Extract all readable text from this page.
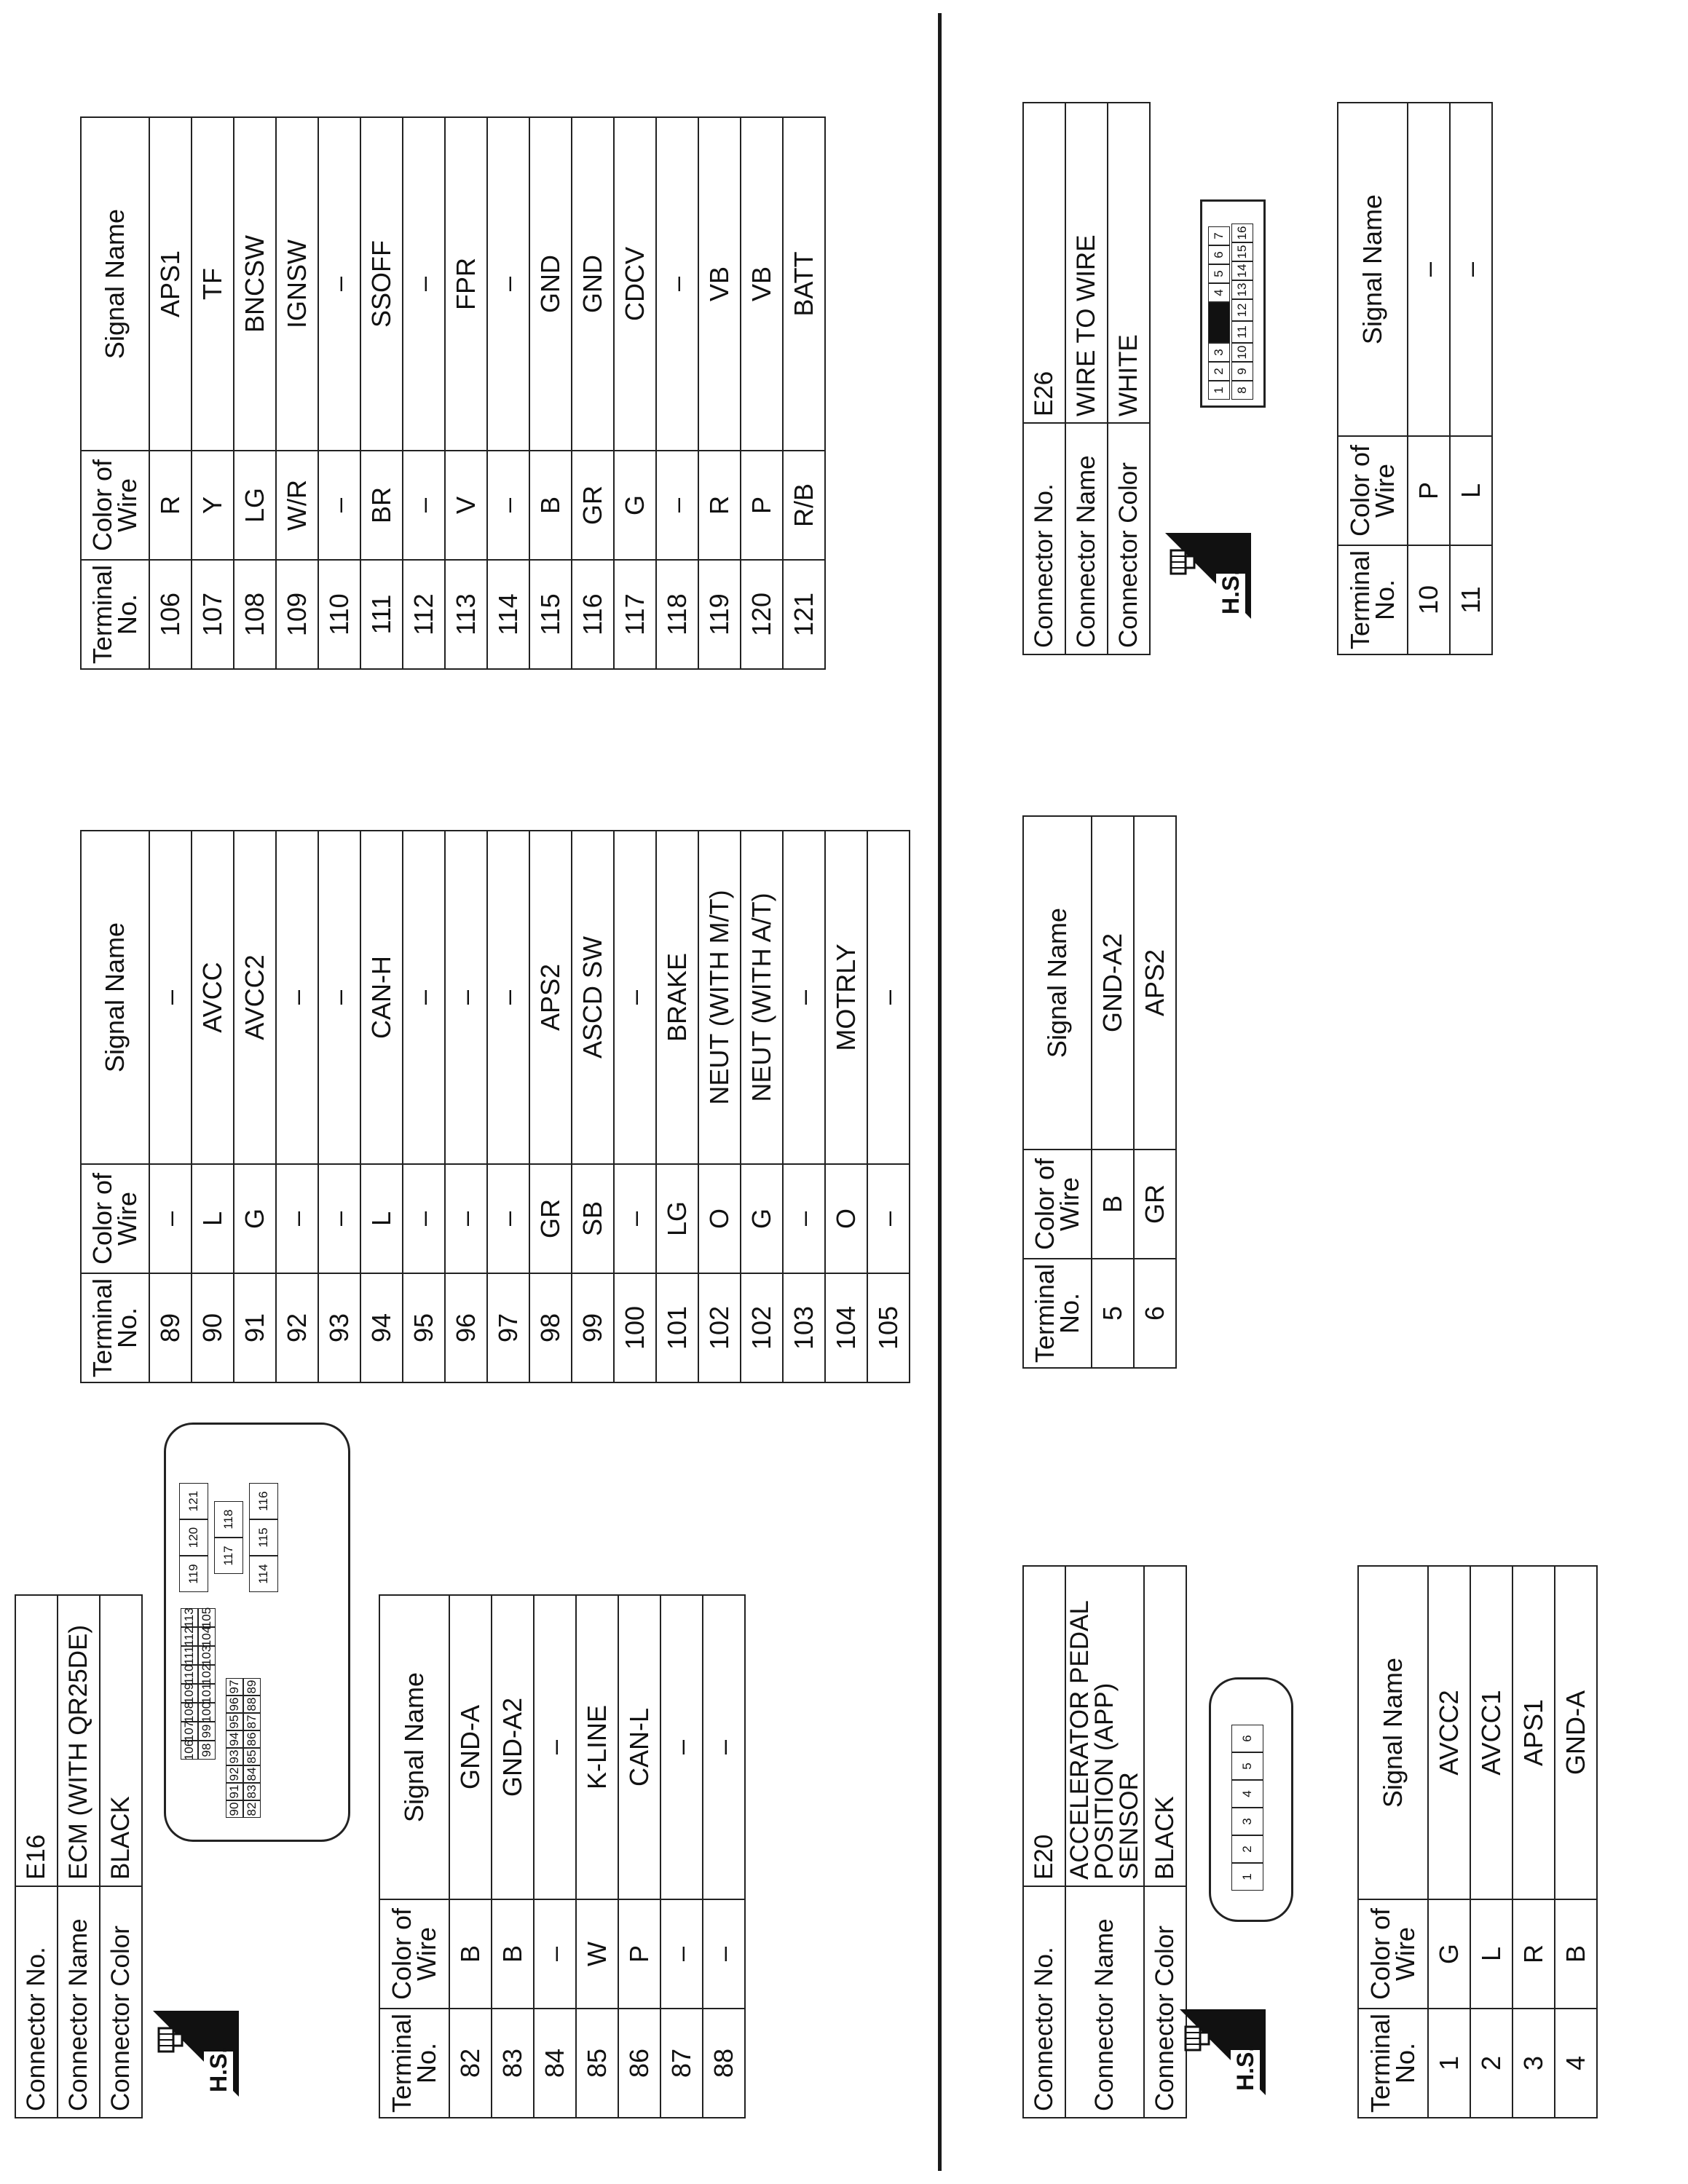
Connector No.	E16
Connector Name	ECM (WITH QR25DE)
Connector Color	BLACK
H.S.
106
107
108
109
110
111
112
113
98
99
100
101
102
103
104
105
90
91
92
93
94
95
96
97
82
83
84
85
86
87
88
89
119
120
121
117
118
114
115
116
Terminal No.	Color of Wire	Signal Name
82	B	GND-A
83	B	GND-A2
84	–	–
85	W	K-LINE
86	P	CAN-L
87	–	–
88	–	–
Terminal No.	Color of Wire	Signal Name
89	–	–
90	L	AVCC
91	G	AVCC2
92	–	–
93	–	–
94	L	CAN-H
95	–	–
96	–	–
97	–	–
98	GR	APS2
99	SB	ASCD SW
100	–	–
101	LG	BRAKE
102	O	NEUT (WITH M/T)
102	G	NEUT (WITH A/T)
103	–	–
104	O	MOTRLY
105	–	–
Terminal No.	Color of Wire	Signal Name
106	R	APS1
107	Y	TF
108	LG	BNCSW
109	W/R	IGNSW
110	–	–
111	BR	SSOFF
112	–	–
113	V	FPR
114	–	–
115	B	GND
116	GR	GND
117	G	CDCV
118	–	–
119	R	VB
120	P	VB
121	R/B	BATT
Connector No.	E20
Connector Name	ACCELERATOR PEDAL POSITION (APP) SENSOR
Connector Color	BLACK
H.S.
1
2
3
4
5
6
Terminal No.	Color of Wire	Signal Name
1	G	AVCC2
2	L	AVCC1
3	R	APS1
4	B	GND-A
Terminal No.	Color of Wire	Signal Name
5	B	GND-A2
6	GR	APS2
Connector No.	E26
Connector Name	WIRE TO WIRE
Connector Color	WHITE
H.S.
1
2
3
4
5
6
7
8
9
10
11
12
13
14
15
16
Terminal No.	Color of Wire	Signal Name
10	P	–
11	L	–
